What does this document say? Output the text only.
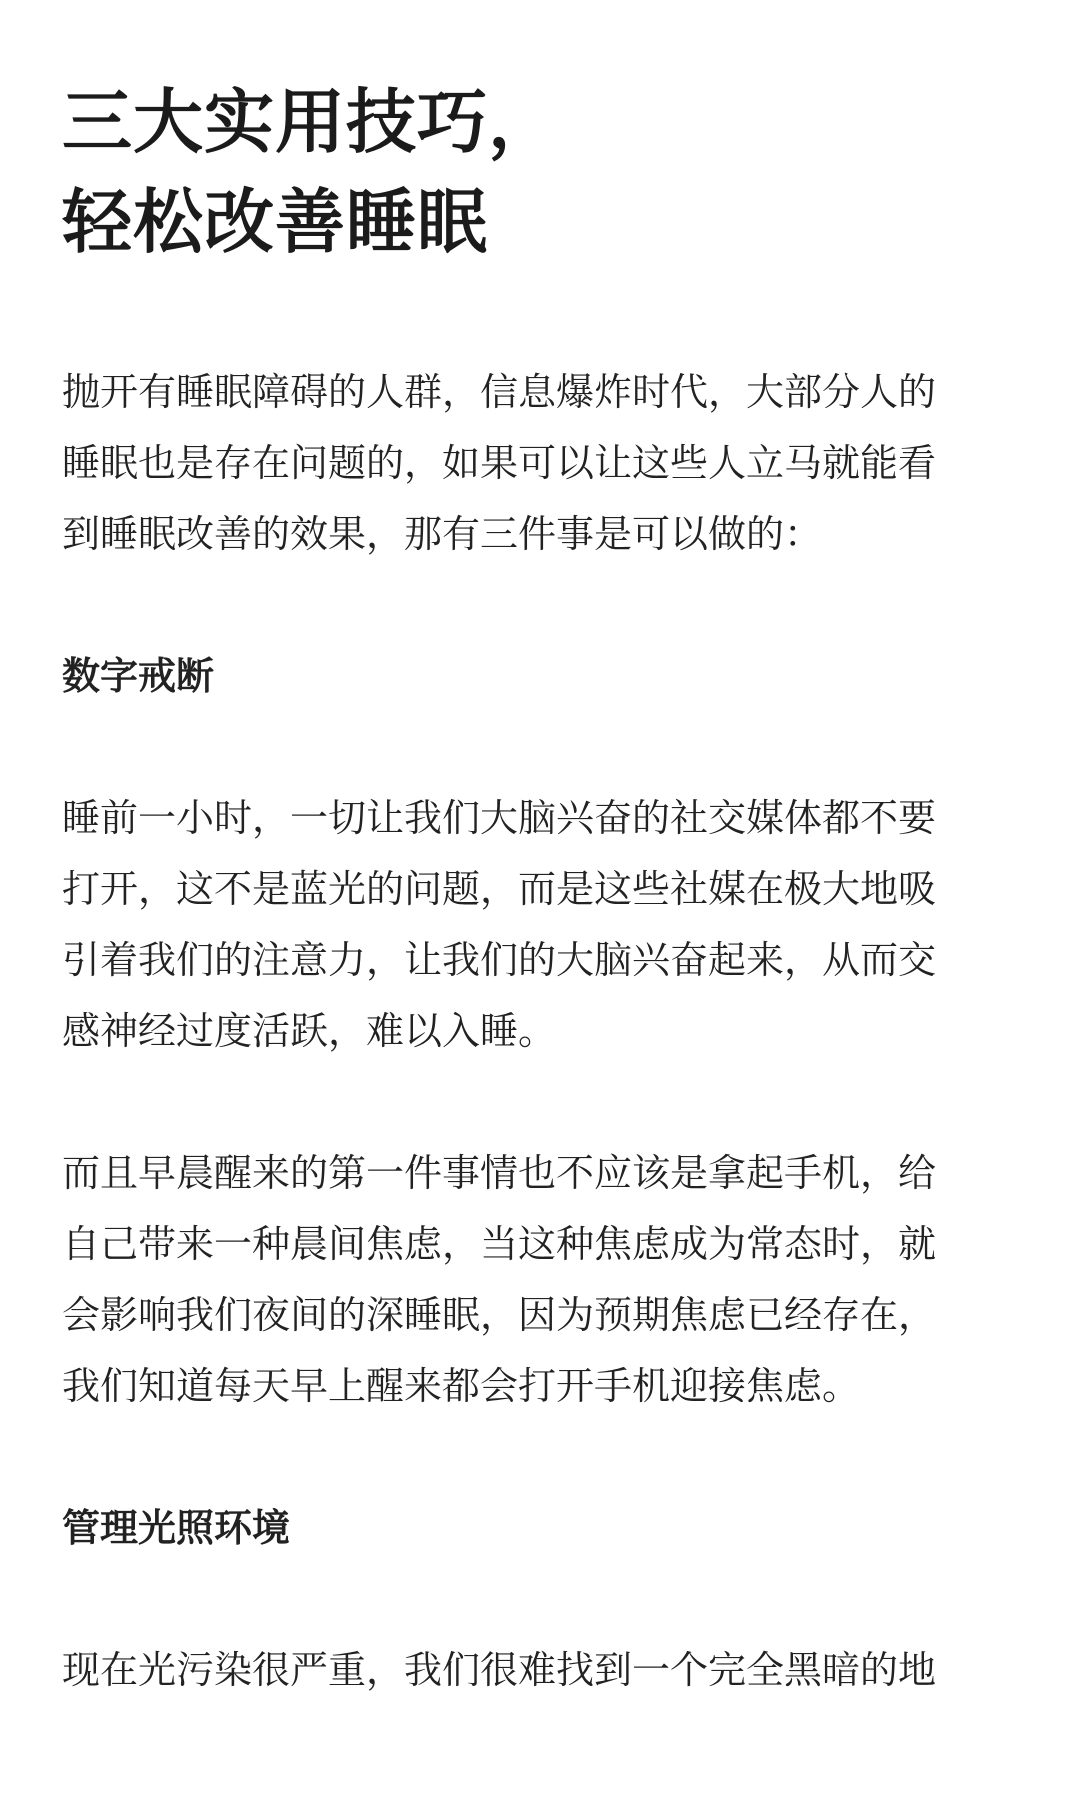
三大实用技巧，
轻松改善睡眠

抛开有睡眠障碍的人群，信息爆炸时代，大部分人的
睡眠也是存在问题的，如果可以让这些人立马就能看
到睡眠改善的效果，那有三件事是可以做的：

数字戒断

睡前一小时，一切让我们大脑兴奋的社交媒体都不要
打开，这不是蓝光的问题，而是这些社媒在极大地吸
引着我们的注意力，让我们的大脑兴奋起来，从而交
感神经过度活跃，难以入睡。

而且早晨醒来的第一件事情也不应该是拿起手机，给
自己带来一种晨间焦虑，当这种焦虑成为常态时，就
会影响我们夜间的深睡眠，因为预期焦虑已经存在，
我们知道每天早上醒来都会打开手机迎接焦虑。

管理光照环境

现在光污染很严重，我们很难找到一个完全黑暗的地
